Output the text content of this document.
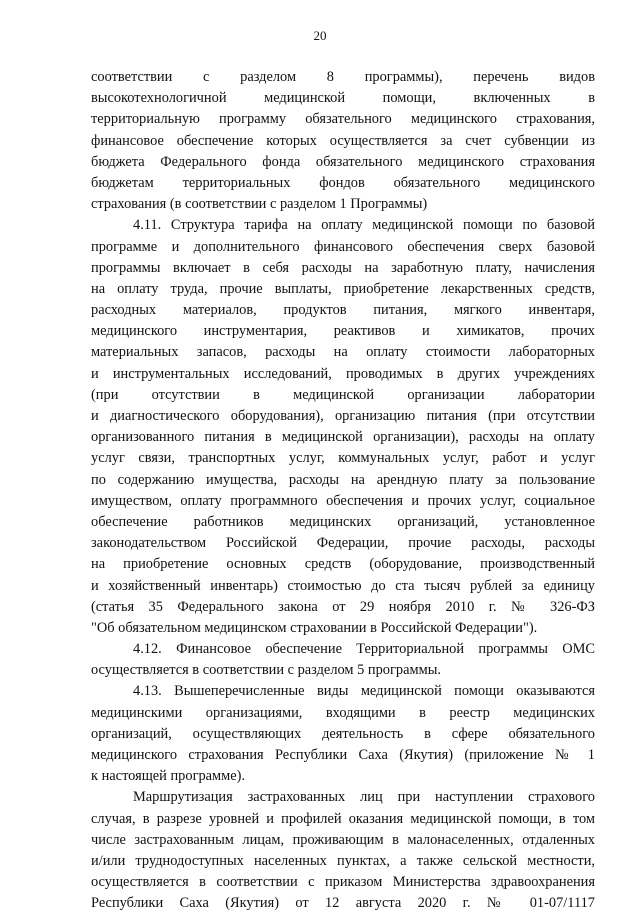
20
соответствии с разделом 8 программы), перечень видов
высокотехнологичной медицинской помощи, включенных в
территориальную программу обязательного медицинского страхования,
финансовое обеспечение которых осуществляется за счет субвенции из
бюджета Федерального фонда обязательного медицинского страхования
бюджетам территориальных фондов обязательного медицинского
страхования (в соответствии с разделом 1 Программы)
4.11. Структура тарифа на оплату медицинской помощи по базовой
программе и дополнительного финансового обеспечения сверх базовой
программы включает в себя расходы на заработную плату, начисления
на оплату труда, прочие выплаты, приобретение лекарственных средств,
расходных материалов, продуктов питания, мягкого инвентаря,
медицинского инструментария, реактивов и химикатов, прочих
материальных запасов, расходы на оплату стоимости лабораторных
и инструментальных исследований, проводимых в других учреждениях
(при отсутствии в медицинской организации лаборатории
и диагностического оборудования), организацию питания (при отсутствии
организованного питания в медицинской организации), расходы на оплату
услуг связи, транспортных услуг, коммунальных услуг, работ и услуг
по содержанию имущества, расходы на арендную плату за пользование
имуществом, оплату программного обеспечения и прочих услуг, социальное
обеспечение работников медицинских организаций, установленное
законодательством Российской Федерации, прочие расходы, расходы
на приобретение основных средств (оборудование, производственный
и хозяйственный инвентарь) стоимостью до ста тысяч рублей за единицу
(статья 35 Федерального закона от 29 ноября 2010 г. № 326-ФЗ
"Об обязательном медицинском страховании в Российской Федерации").
4.12. Финансовое обеспечение Территориальной программы ОМС
осуществляется в соответствии с разделом 5 программы.
4.13. Вышеперечисленные виды медицинской помощи оказываются
медицинскими организациями, входящими в реестр медицинских
организаций, осуществляющих деятельность в сфере обязательного
медицинского страхования Республики Саха (Якутия) (приложение № 1
к настоящей программе).
Маршрутизация застрахованных лиц при наступлении страхового
случая, в разрезе уровней и профилей оказания медицинской помощи, в том
числе застрахованным лицам, проживающим в малонаселенных, отдаленных
и/или труднодоступных населенных пунктах, а также сельской местности,
осуществляется в соответствии с приказом Министерства здравоохранения
Республики Саха (Якутия) от 12 августа 2020 г. № 01-07/1117
